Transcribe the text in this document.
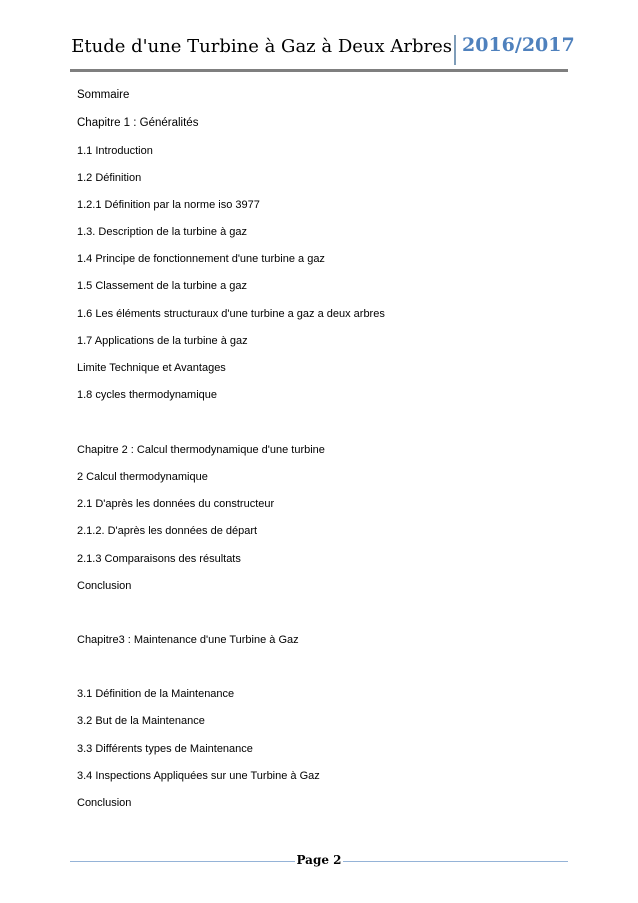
Etude d'une Turbine à Gaz à Deux Arbres 2016/2017
Sommaire
Chapitre 1 : Généralités
1.1 Introduction
1.2 Définition
1.2.1 Définition par la norme iso 3977
1.3. Description de la turbine à gaz
1.4 Principe de fonctionnement d'une turbine a gaz
1.5 Classement de la turbine a gaz
1.6 Les éléments structuraux d'une turbine a gaz a deux arbres
1.7 Applications de la turbine à gaz
Limite Technique et Avantages
1.8 cycles thermodynamique
Chapitre 2 : Calcul thermodynamique d'une turbine
2 Calcul thermodynamique
2.1 D'après les données du constructeur
2.1.2. D'après les données de départ
2.1.3 Comparaisons des résultats
Conclusion
Chapitre3 : Maintenance d'une Turbine à Gaz
3.1 Définition de la Maintenance
3.2 But de la Maintenance
3.3 Différents types de Maintenance
3.4 Inspections Appliquées sur une Turbine à Gaz
Conclusion
Page 2
